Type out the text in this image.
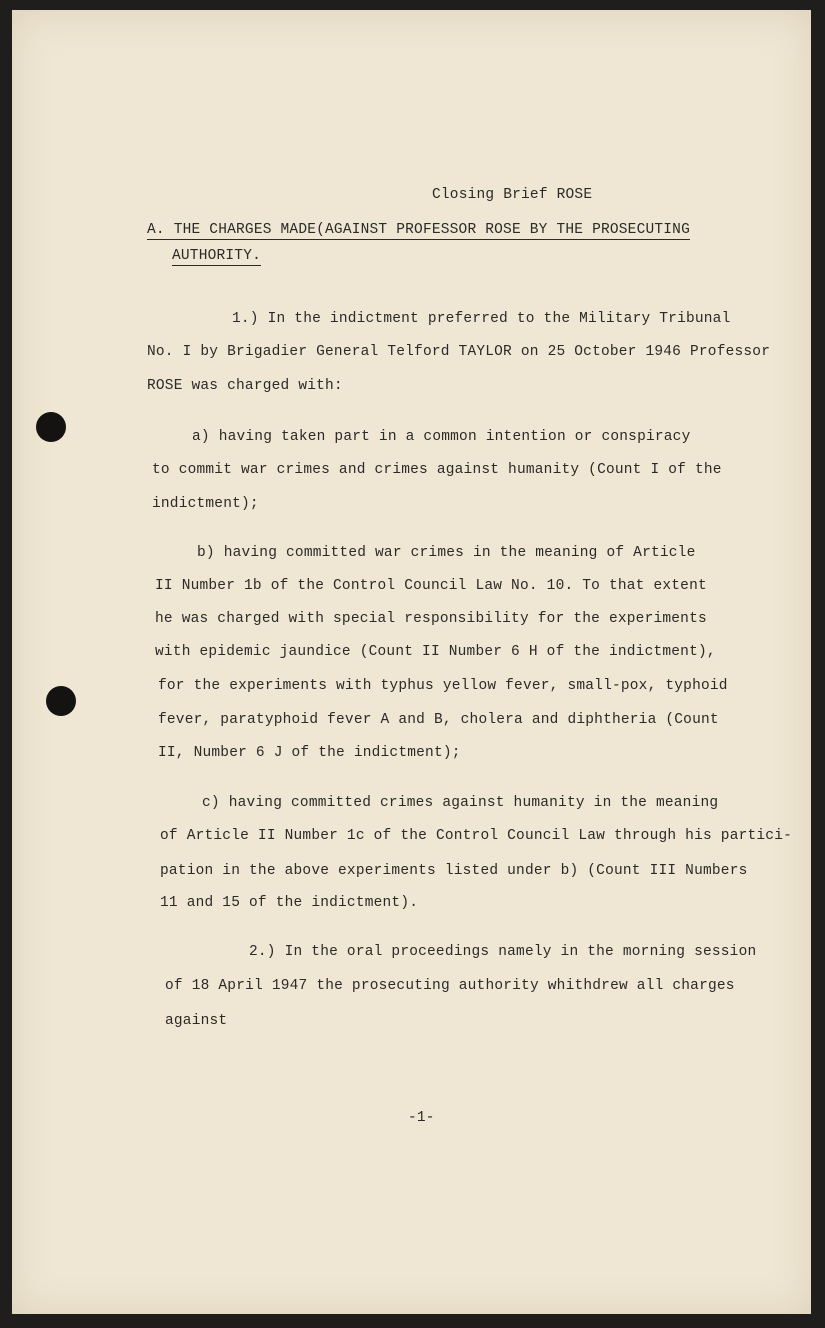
Closing Brief ROSE
A. THE CHARGES MADE(AGAINST PROFESSOR ROSE BY THE PROSECUTING
AUTHORITY.
1.) In the indictment preferred to the Military Tribunal
No. I by Brigadier General Telford TAYLOR on 25 October 1946 Professor
ROSE was charged with:
a) having taken part in a common intention or conspiracy
to commit war crimes and crimes against humanity (Count I of the
indictment);
b) having committed war crimes in the meaning of Article
II Number 1b of the Control Council Law No. 10. To that extent
he was charged with special responsibility for the experiments
with epidemic jaundice (Count II Number 6 H of the indictment),
for the experiments with typhus yellow fever, small-pox, typhoid
fever, paratyphoid fever A and B, cholera and diphtheria (Count
II, Number 6 J of the indictment);
c) having committed crimes against humanity in the meaning
of Article II Number 1c of the Control Council Law through his partici-
pation in the above experiments listed under b) (Count III Numbers
11 and 15 of the indictment).
2.) In the oral proceedings namely in the morning session
of 18 April 1947 the prosecuting authority whithdrew all charges
against
-1-
